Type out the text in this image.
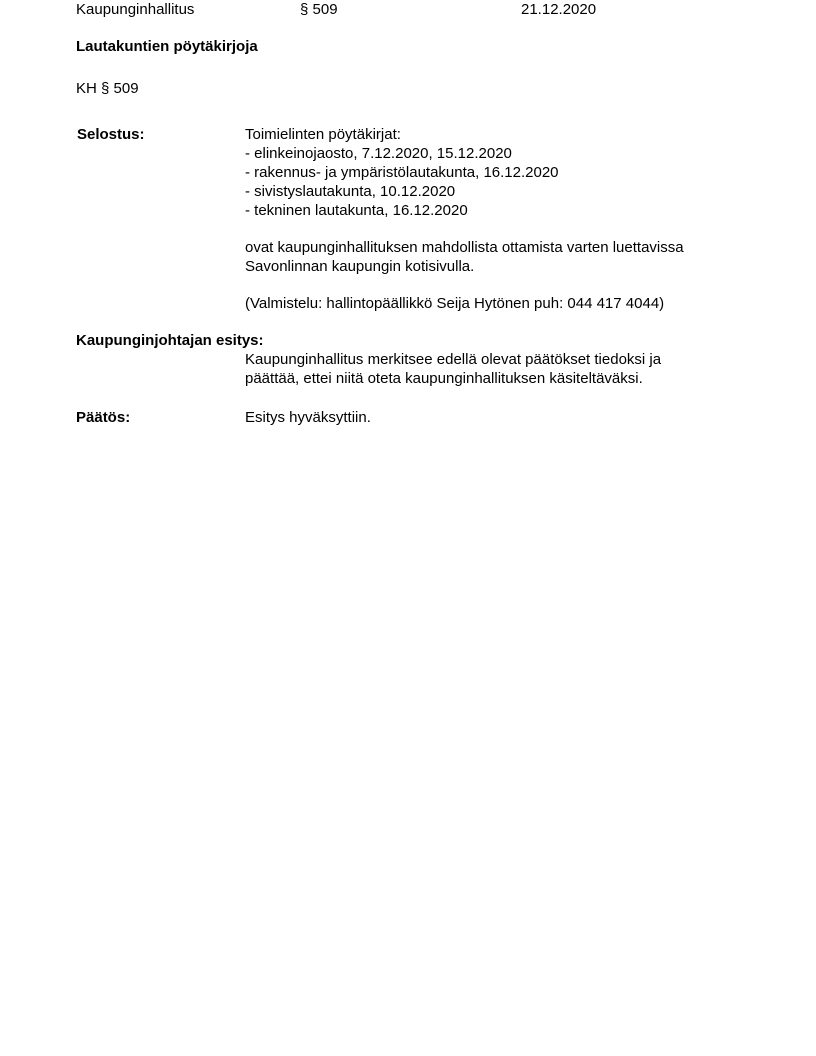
Kaupunginhallitus	§ 509	21.12.2020
Lautakuntien pöytäkirjoja
KH § 509
Selostus:	Toimielinten pöytäkirjat:
- elinkeinojaosto, 7.12.2020, 15.12.2020
- rakennus- ja ympäristölautakunta, 16.12.2020
- sivistyslautakunta, 10.12.2020
- tekninen lautakunta, 16.12.2020
ovat kaupunginhallituksen mahdollista ottamista varten luettavissa
Savonlinnan kaupungin kotisivulla.
(Valmistelu: hallintopäällikkö Seija Hytönen puh: 044 417 4044)
Kaupunginjohtajan esitys:
Kaupunginhallitus merkitsee edellä olevat päätökset tiedoksi ja
päättää, ettei niitä oteta kaupunginhallituksen käsiteltäväksi.
Päätös:	Esitys hyväksyttiin.
